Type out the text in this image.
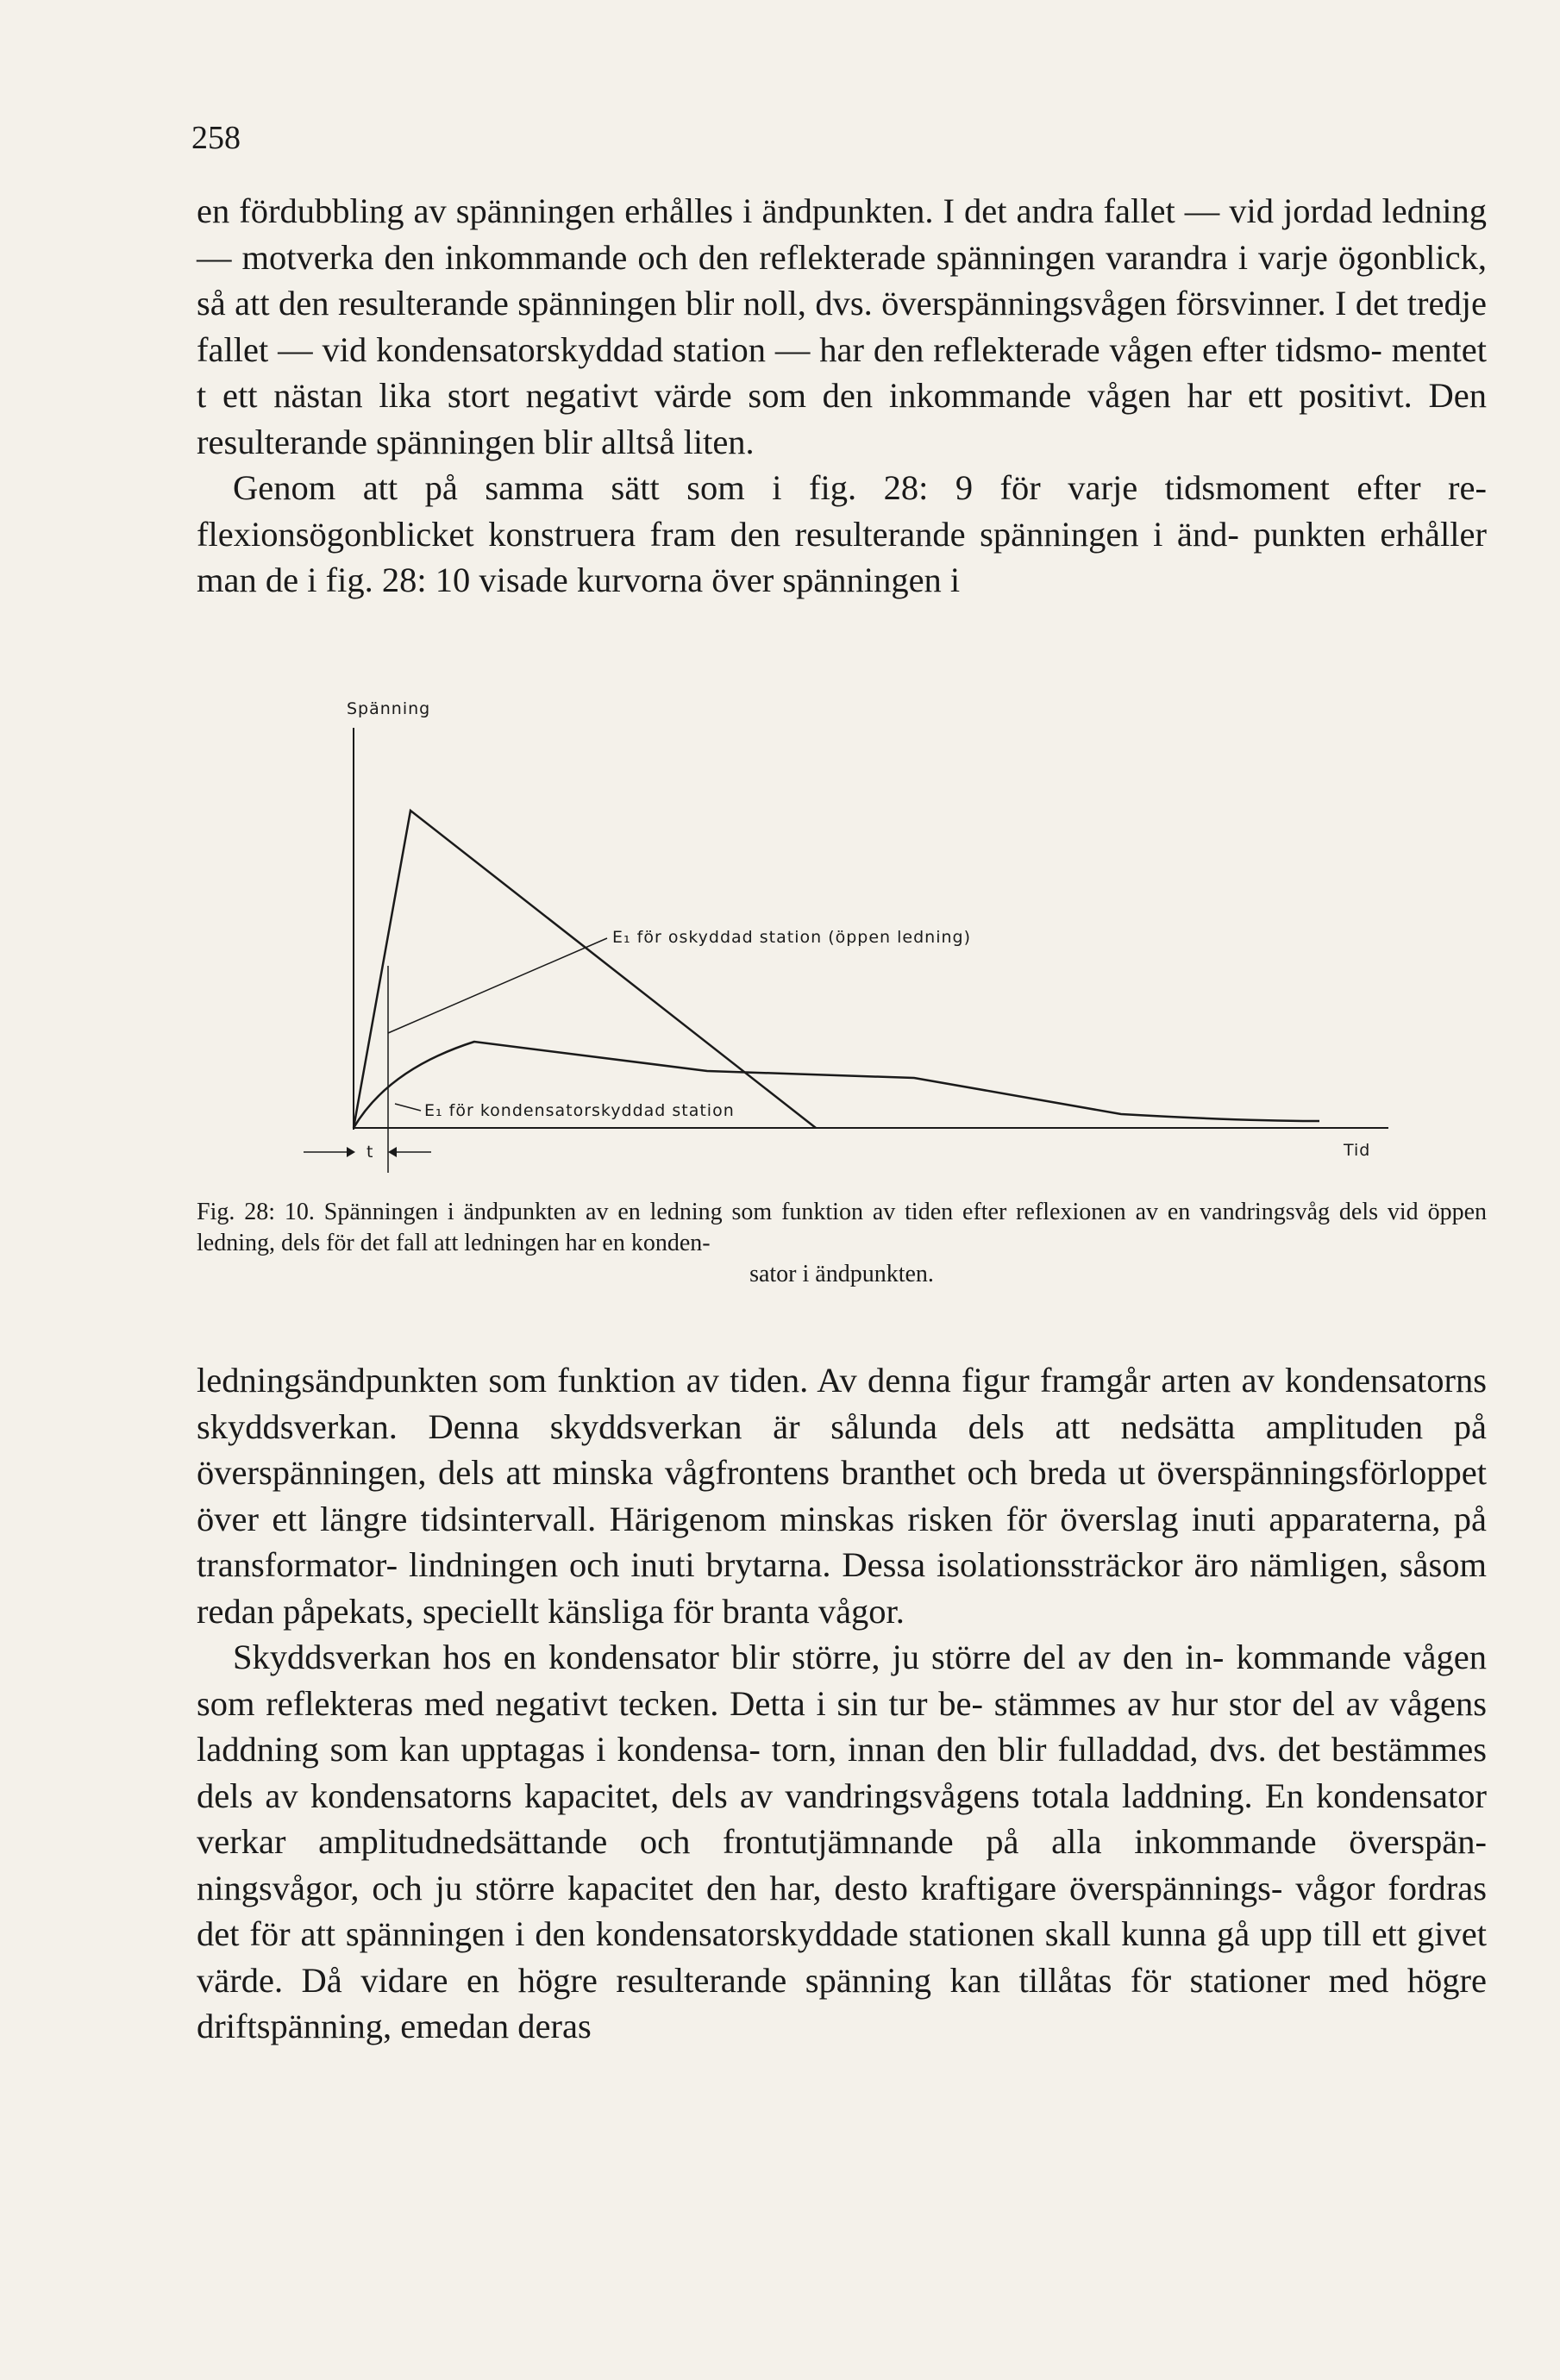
258

en fördubbling av spänningen erhålles i ändpunkten. I det andra fallet — vid jordad ledning — motverka den inkommande och den reflekterade spänningen varandra i varje ögonblick, så att den resulterande spänningen blir noll, dvs. överspänningsvågen försvinner. I det tredje fallet — vid kondensatorskyddad station — har den reflekterade vågen efter tidsmo- mentet t ett nästan lika stort negativt värde som den inkommande vågen har ett positivt. Den resulterande spänningen blir alltså liten.

Genom att på samma sätt som i fig. 28: 9 för varje tidsmoment efter re- flexionsögonblicket konstruera fram den resulterande spänningen i änd- punkten erhåller man de i fig. 28: 10 visade kurvorna över spänningen i

Spänning
Tid
E₁ för oskyddad station (öppen ledning)
E₁ för kondensatorskyddad station
t
Fig. 28: 10. Spänningen i ändpunkten av en ledning som funktion av tiden efter reflexionen av en vandringsvåg dels vid öppen ledning, dels för det fall att ledningen har en konden-
sator i ändpunkten.

ledningsändpunkten som funktion av tiden. Av denna figur framgår arten av kondensatorns skyddsverkan. Denna skyddsverkan är sålunda dels att nedsätta amplituden på överspänningen, dels att minska vågfrontens branthet och breda ut överspänningsförloppet över ett längre tidsintervall. Härigenom minskas risken för överslag inuti apparaterna, på transformator- lindningen och inuti brytarna. Dessa isolationssträckor äro nämligen, såsom redan påpekats, speciellt känsliga för branta vågor.

Skyddsverkan hos en kondensator blir större, ju större del av den in- kommande vågen som reflekteras med negativt tecken. Detta i sin tur be- stämmes av hur stor del av vågens laddning som kan upptagas i kondensa- torn, innan den blir fulladdad, dvs. det bestämmes dels av kondensatorns kapacitet, dels av vandringsvågens totala laddning. En kondensator verkar amplitudnedsättande och frontutjämnande på alla inkommande överspän- ningsvågor, och ju större kapacitet den har, desto kraftigare överspännings- vågor fordras det för att spänningen i den kondensatorskyddade stationen skall kunna gå upp till ett givet värde. Då vidare en högre resulterande spänning kan tillåtas för stationer med högre driftspänning, emedan deras
